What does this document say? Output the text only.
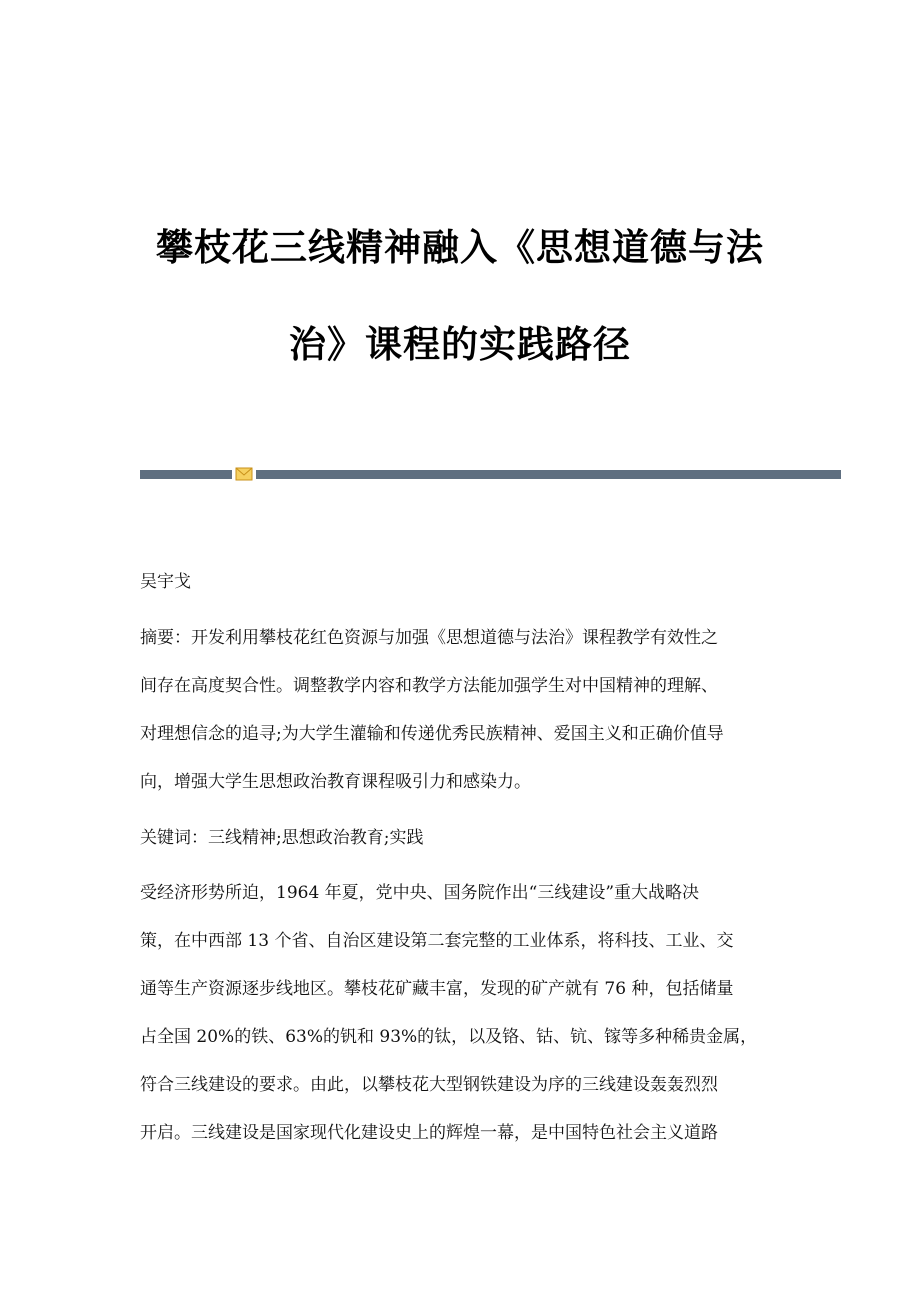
攀枝花三线精神融入《思想道德与法
治》课程的实践路径
吴宇戈
摘要：开发利用攀枝花红色资源与加强《思想道德与法治》课程教学有效性之
间存在高度契合性。调整教学内容和教学方法能加强学生对中国精神的理解、
对理想信念的追寻;为大学生灌输和传递优秀民族精神、爱国主义和正确价值导
向，增强大学生思想政治教育课程吸引力和感染力。
关键词：三线精神;思想政治教育;实践
受经济形势所迫，1964 年夏，党中央、国务院作出“三线建设”重大战略决
策，在中西部 13 个省、自治区建设第二套完整的工业体系，将科技、工业、交
通等生产资源逐步线地区。攀枝花矿藏丰富，发现的矿产就有 76 种，包括储量
占全国 20%的铁、63%的钒和 93%的钛，以及铬、钴、钪、镓等多种稀贵金属，
符合三线建设的要求。由此，以攀枝花大型钢铁建设为序的三线建设轰轰烈烈
开启。三线建设是国家现代化建设史上的辉煌一幕，是中国特色社会主义道路
